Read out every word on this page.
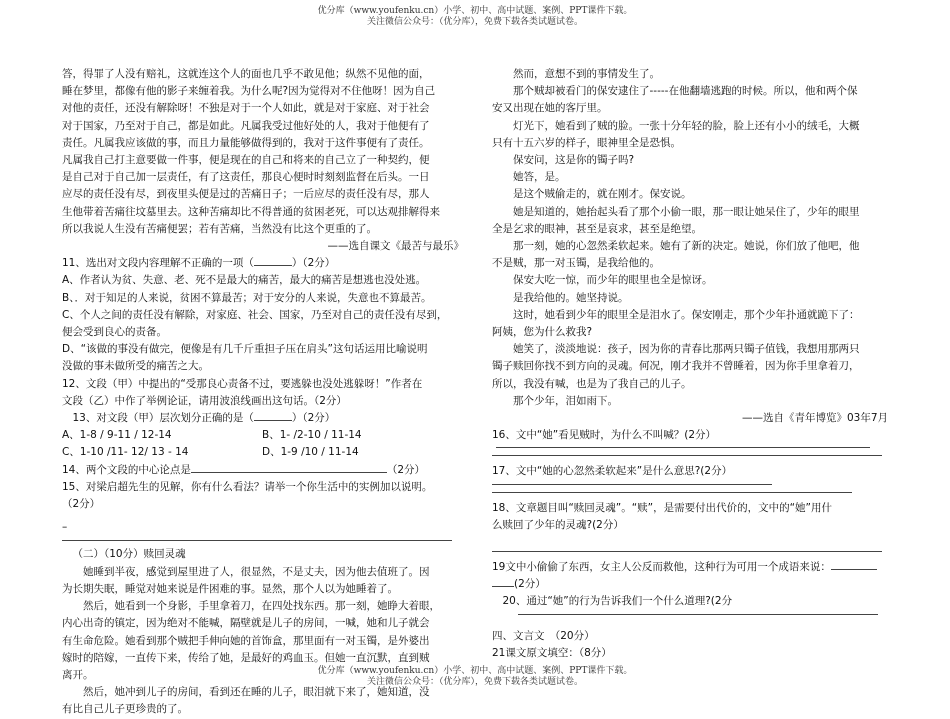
优分库（www.youfenku.cn）小学、初中、高中试题、案例、PPT课件下载。
关注微信公众号：（优分库），免费下载各类试题试卷。

答，得罪了人没有赔礼，这就连这个人的面也几乎不敢见他；纵然不见他的面，

睡在梦里，都像有他的影子来缠着我。为什么呢?因为觉得对不住他呀！因为自己

对他的责任，还没有解除呀！不独是对于一个人如此，就是对于家庭、对于社会

对于国家，乃至对于自己，都是如此。凡属我受过他好处的人，我对于他便有了

责任。凡属我应该做的事，而且力量能够做得到的，我对于这件事便有了责任。

凡属我自己打主意要做一件事，便是现在的自己和将来的自己立了一种契约，便

是自己对于自己加一层责任，有了这责任，那良心便时时刻刻监督在后头。一日

应尽的责任没有尽，到夜里头便是过的苦痛日子；一后应尽的责任没有尽，那人

生他带着苦痛往坟墓里去。这种苦痛却比不得普通的贫困老死，可以达观排解得来

所以我说人生没有苦痛便罢；若有苦痛，当然没有比这个更重的了。

——选自课文《最苦与最乐》

11、选出对文段内容理解不正确的一项（	）（2分）

A、作者认为贫、失意、老、死不是最大的痛苦，最大的痛苦是想逃也没处逃。

B、．对于知足的人来说，贫困不算最苦；对于安分的人来说，失意也不算最苦。

C、个人之间的责任没有解除，对家庭、社会、国家，乃至对自己的责任没有尽到，

便会受到良心的责备。

D、“该做的事没有做完，便像是有几千斤重担子压在肩头”这句话运用比喻说明

没做的事未做所受的痛苦之大。

12、文段（甲）中提出的“受那良心责备不过，要逃躲也没处逃躲呀！”作者在

文段（乙）中作了举例论证，请用波浪线画出这句话。（2分）

13、对文段（甲）层次划分正确的是（	）（2分）

A、1-8 / 9-11 / 12-14	B、1- /2-10 / 11-14

C、1-10 /11- 12/ 13 - 14	D、1-9 /10 / 11-14

14、两个文段的中心论点是	（2分）

15、对梁启超先生的见解，你有什么看法？请举一个你生活中的实例加以说明。

（2分）

–

（二）（10分）赎回灵魂

她睡到半夜，感觉到屋里进了人，很显然，不是丈夫，因为他去值班了。因

为长期失眠，睡觉对她来说是件困难的事。显然，那个人以为她睡着了。

然后，她看到一个身影，手里拿着刀，在四处找东西。那一刻，她睁大着眼，

内心出奇的镇定，因为绝对不能喊，隔壁就是儿子的房间，一喊，她和儿子就会

有生命危险。她看到那个贼把手伸向她的首饰盒，那里面有一对玉镯，是外婆出

嫁时的陪嫁，一直传下来，传给了她，是最好的鸡血玉。但她一直沉默，直到贼

离开。

然后，她冲到儿子的房间，看到还在睡的儿子，眼泪就下来了，她知道，没

有比自己儿子更珍贵的了。

然而，意想不到的事情发生了。

那个贼却被看门的保安逮住了-----在他翻墙逃跑的时候。所以，他和两个保

安又出现在她的客厅里。

灯光下，她看到了贼的脸。一张十分年轻的脸，脸上还有小小的绒毛，大概

只有十五六岁的样子，眼神里全是恐惧。

保安问，这是你的镯子吗?

她答，是。

是这个贼偷走的，就在刚才。保安说。

她是知道的，她抬起头看了那个小偷一眼，那一眼让她呆住了，少年的眼里

全是乞求的眼神，甚至是哀求，甚至是绝望。

那一刻，她的心忽然柔软起来。她有了新的决定。她说，你们放了他吧，他

不是贼，那一对玉镯，是我给他的。

保安大吃一惊，而少年的眼里也全是惊讶。

是我给他的。她坚持说。

这时，她看到少年的眼里全是泪水了。保安刚走，那个少年扑通就跪下了：

阿姨，您为什么救我?

她笑了，淡淡地说：孩子，因为你的青春比那两只镯子值钱，我想用那两只

镯子赎回你找不到方向的灵魂。何况，刚才我并不曾睡着，因为你手里拿着刀，

所以，我没有喊，也是为了我自己的儿子。

那个少年，泪如雨下。

——选自《青年博览》03年7月

16、文中“她”看见贼时，为什么不叫喊？(2分）

17、文中“她的心忽然柔软起来”是什么意思?(2分）

18、文章题目叫“赎回灵魂”。“赎”，是需要付出代价的，文中的“她”用什

么赎回了少年的灵魂?(2分）

19文中小偷偷了东西，女主人公反而救他，这种行为可用一个成语来说：

(2分）

20、通过“她”的行为告诉我们一个什么道理?(2分

四、文言文　（20分）

21课文原文填空：（8分）

优分库（www.youfenku.cn）小学、初中、高中试题、案例、PPT课件下载。
关注微信公众号：（优分库），免费下载各类试题试卷。
